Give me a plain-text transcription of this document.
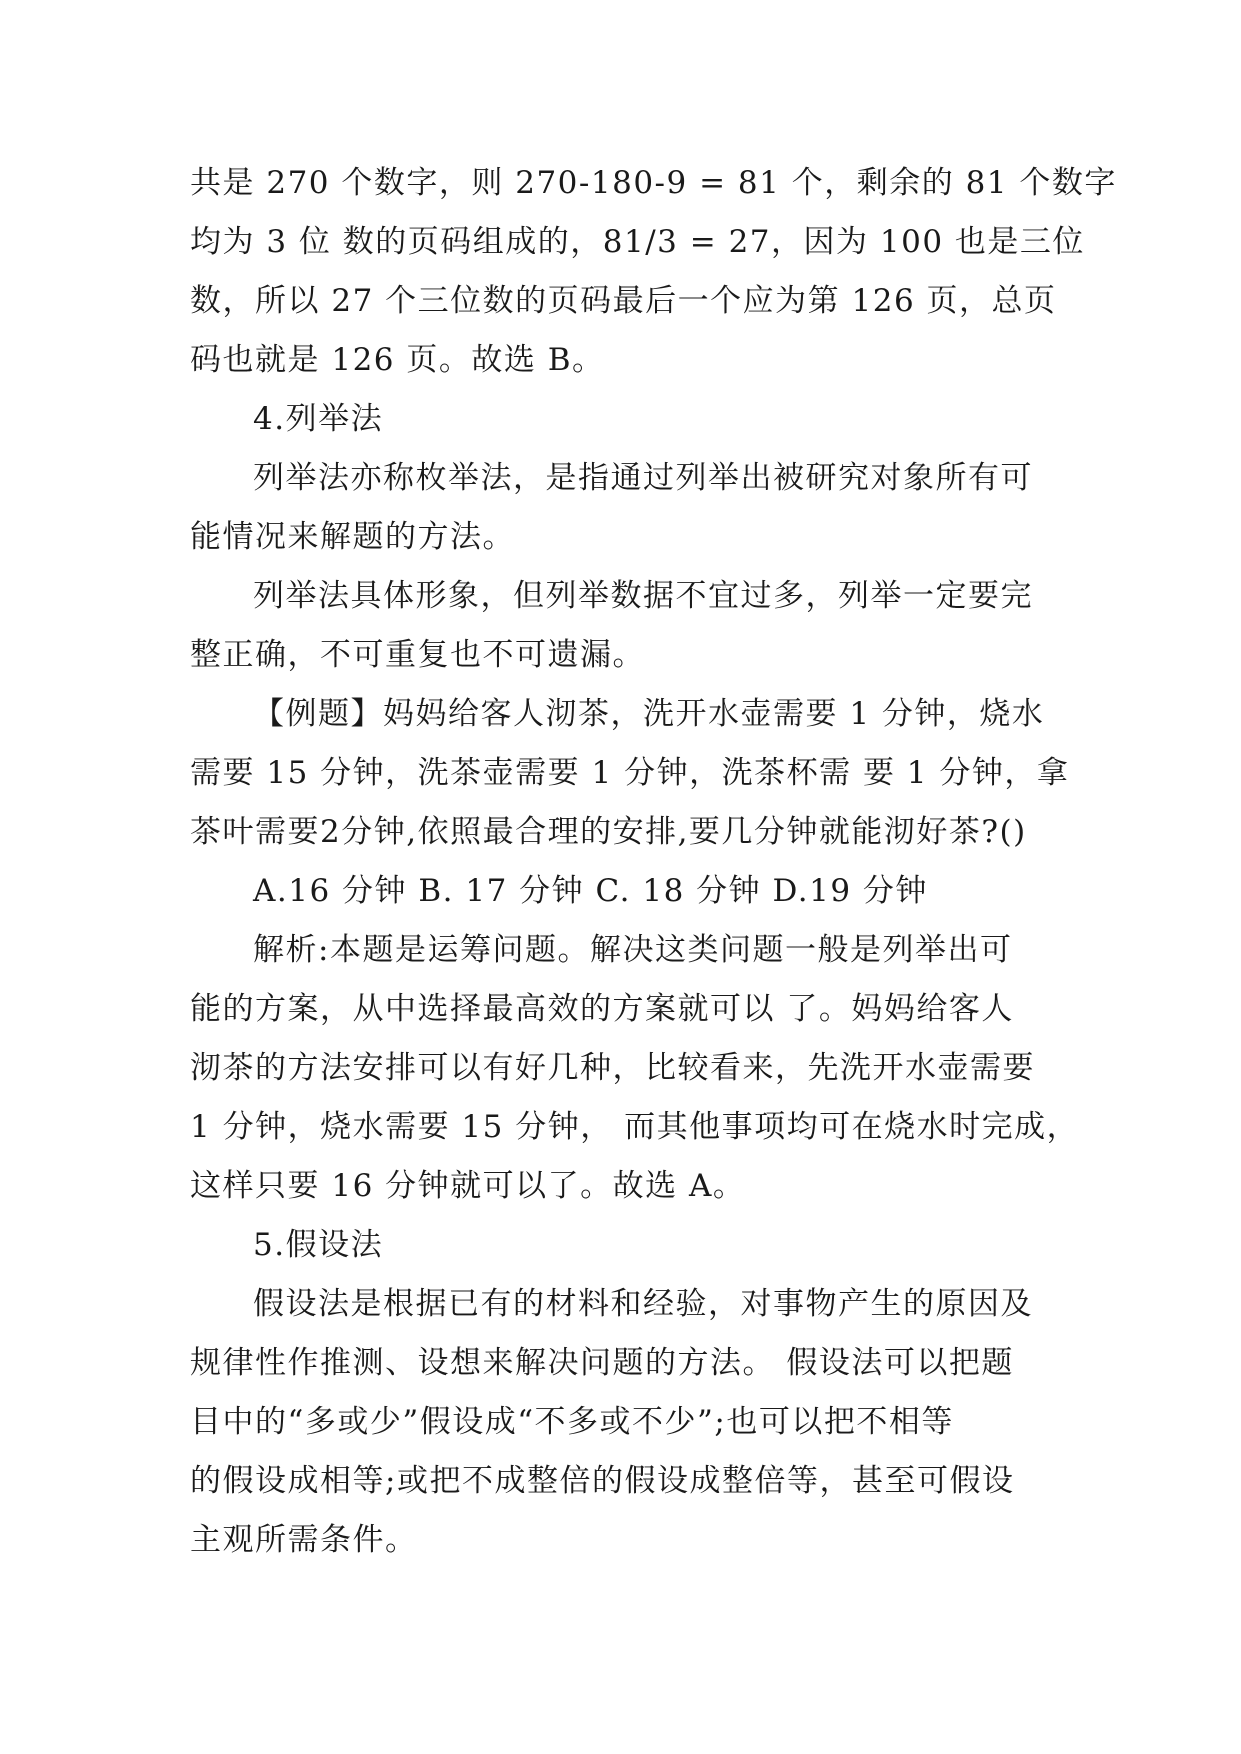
共是 270 个数字，则 270-180-9 = 81 个，剩余的 81 个数字
均为 3 位 数的页码组成的，81/3 = 27，因为 100 也是三位
数，所以 27 个三位数的页码最后一个应为第 126 页，总页
码也就是 126 页。故选 B。
4.列举法
列举法亦称枚举法，是指通过列举出被研究对象所有可
能情况来解题的方法。
列举法具体形象，但列举数据不宜过多，列举一定要完
整正确，不可重复也不可遗漏。
【例题】妈妈给客人沏茶，洗开水壶需要 1 分钟，烧水
需要 15 分钟，洗茶壶需要 1 分钟，洗茶杯需 要 1 分钟，拿
茶叶需要2分钟,依照最合理的安排,要几分钟就能沏好茶?()
A.16 分钟 B. 17 分钟 C. 18 分钟 D.19 分钟
解析:本题是运筹问题。解决这类问题一般是列举出可
能的方案，从中选择最高效的方案就可以 了。妈妈给客人
沏茶的方法安排可以有好几种，比较看来，先洗开水壶需要
1 分钟，烧水需要 15 分钟， 而其他事项均可在烧水时完成，
这样只要 16 分钟就可以了。故选 A。
5.假设法
假设法是根据已有的材料和经验，对事物产生的原因及
规律性作推测、设想来解决问题的方法。 假设法可以把题
目中的“多或少”假设成“不多或不少”;也可以把不相等
的假设成相等;或把不成整倍的假设成整倍等，甚至可假设
主观所需条件。
